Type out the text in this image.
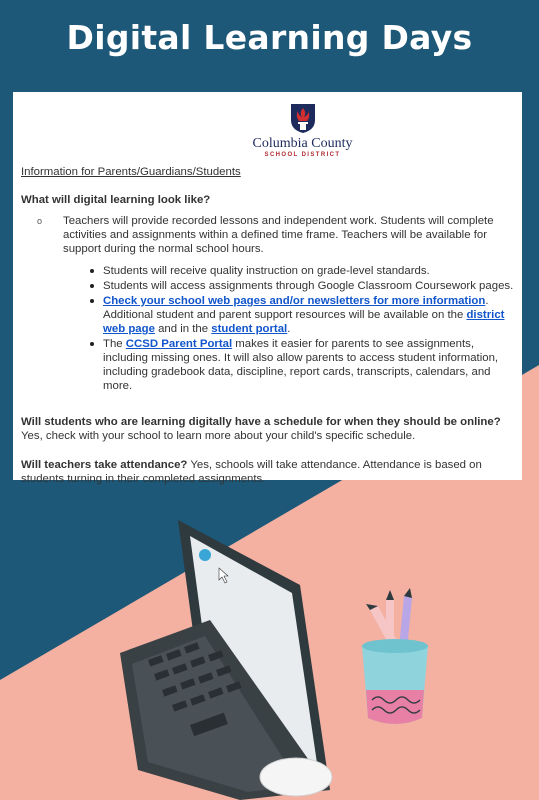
Digital Learning Days
Columbia County
SCHOOL DISTRICT
Information for Parents/Guardians/Students
What will digital learning look like?
o	Teachers will provide recorded lessons and independent work. Students will complete activities and assignments within a defined time frame. Teachers will be available for support during the normal school hours.
Students will receive quality instruction on grade-level standards.
Students will access assignments through Google Classroom Coursework pages.
Check your school web pages and/or newsletters for more information. Additional student and parent support resources will be available on the district web page and in the student portal.
The CCSD Parent Portal makes it easier for parents to see assignments, including missing ones. It will also allow parents to access student information, including gradebook data, discipline, report cards, transcripts, calendars, and more.
Will students who are learning digitally have a schedule for when they should be online? Yes, check with your school to learn more about your child's specific schedule.
Will teachers take attendance? Yes, schools will take attendance. Attendance is based on students turning in their completed assignments.
